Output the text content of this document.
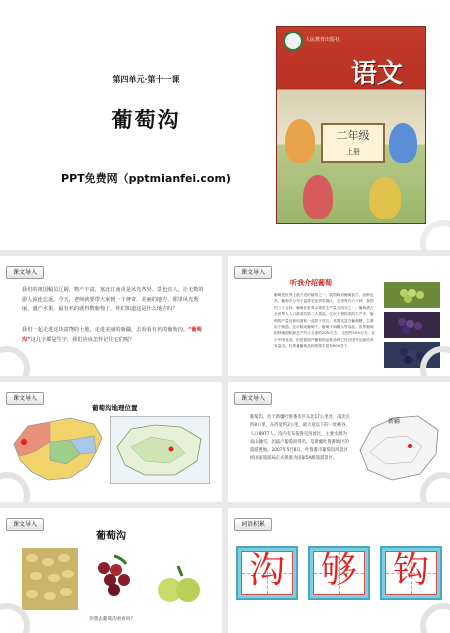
第四单元·第十一课
葡萄沟
PPT免费网（pptmianfei.com)
人民教育出版社
语文
二年级
上册
课文导入
我们的祖国幅员辽阔，物产丰富，塞北江南更是风光各异、景色宜人，让无数的游人流连忘返。今天，老师就要带大家到一个神奇、美丽的地方，那里风光秀丽，盛产水果，最有名的就得数葡萄了，你们知道这是什么地方吗？
我们一起走进这块富饶的土地，走进美丽的新疆，去看看有名的葡萄沟。“葡萄沟”这几字都是生字，我们应该怎样记住它们呢？
课文导入
听我介绍葡萄
葡萄是世界上最古老的植物之一，我国栽培葡萄甚古，品种也多。葡萄岁分布于温带至亚热带地区，全世界约六十种，我国约三十五种。葡萄在世界水果类生产量占四分之一，葡萄酒占全世界人人口最喜的第二大果品，仅次于柑桔类的生产中，葡萄的产量及栽培面积一直居于首位。其果实富含葡萄糖，主要用于制酒，还可制成葡萄干。葡萄干和罐头等食品。世界葡萄的种植面积和总产约占全部的20%左右，全国约50%左右，在于中国北部，但是我国产葡萄的品系品种已经在国外也能培育有量出。吐鲁番葡萄品种资源丰富有600多个。
课文导入
葡萄沟地理位置
课文导入
葡萄沟，位于新疆吐鲁番市区东北17公里处，南北长约8公里，东西宽约2公里，最大宽以下的一处峡谷，人口8977人。沟内有布依鲁克河流过，主要水源为高山融雪，因盛产葡萄而得名，是新疆吐鲁番地区的旅游胜地。2007年5月8日，吐鲁番市葡萄沟风景区经国家旅游局正式批准为国家5A级旅游景区。
新疆
课文导入
葡萄沟
你想去葡萄沟看看吗?
词语积累
沟 够 钩
